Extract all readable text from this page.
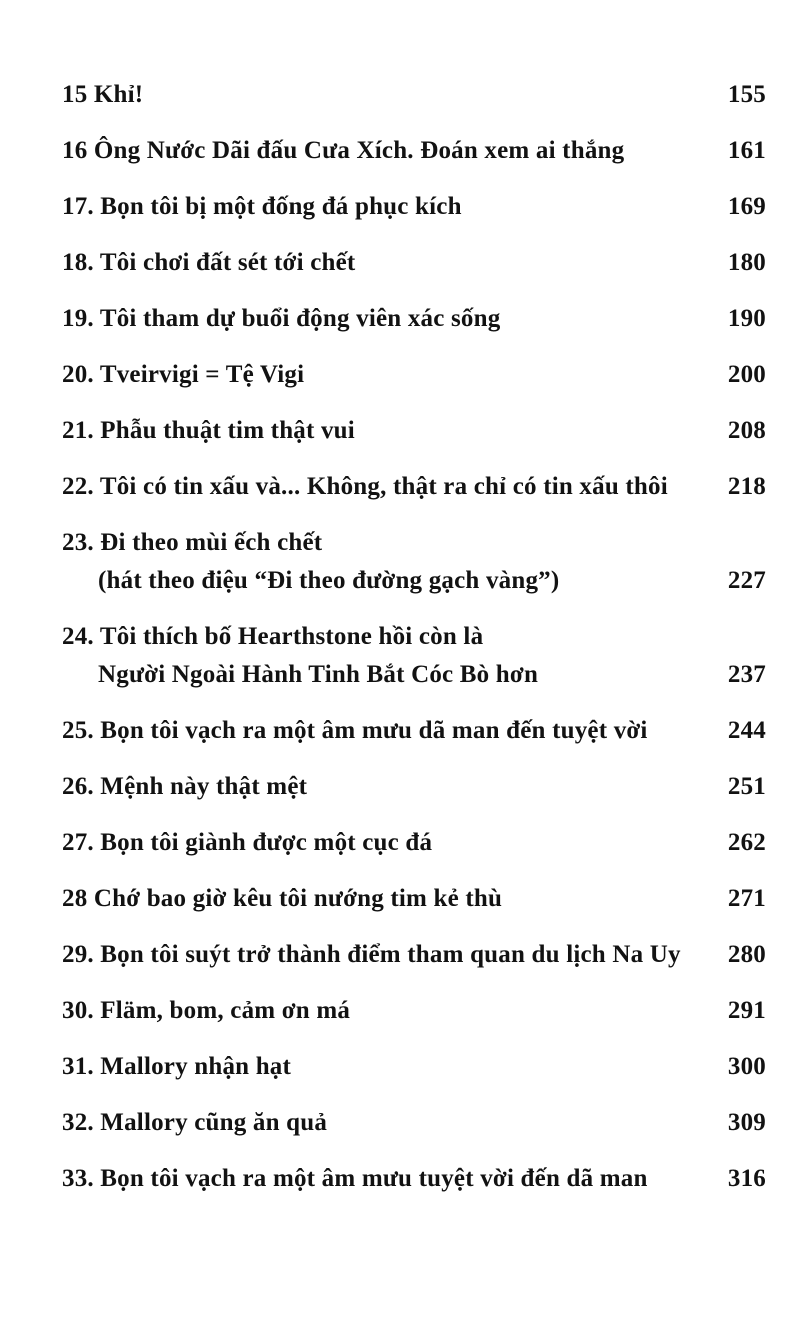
15 Khỉ!	155
16 Ông Nước Dãi đấu Cưa Xích. Đoán xem ai thắng	161
17. Bọn tôi bị một đống đá phục kích	169
18. Tôi chơi đất sét tới chết	180
19. Tôi tham dự buổi động viên xác sống	190
20. Tveirvigi = Tệ Vigi	200
21. Phẫu thuật tim thật vui	208
22. Tôi có tin xấu và... Không, thật ra chỉ có tin xấu thôi	218
23. Đi theo mùi ếch chết
(hát theo điệu “Đi theo đường gạch vàng”)	227
24. Tôi thích bố Hearthstone hồi còn là
Người Ngoài Hành Tinh Bắt Cóc Bò hơn	237
25. Bọn tôi vạch ra một âm mưu dã man đến tuyệt vời	244
26. Mệnh này thật mệt	251
27. Bọn tôi giành được một cục đá	262
28 Chớ bao giờ kêu tôi nướng tim kẻ thù	271
29. Bọn tôi suýt trở thành điểm tham quan du lịch Na Uy	280
30. Fläm, bom, cảm ơn má	291
31. Mallory nhận hạt	300
32. Mallory cũng ăn quả	309
33. Bọn tôi vạch ra một âm mưu tuyệt vời đến dã man	316
